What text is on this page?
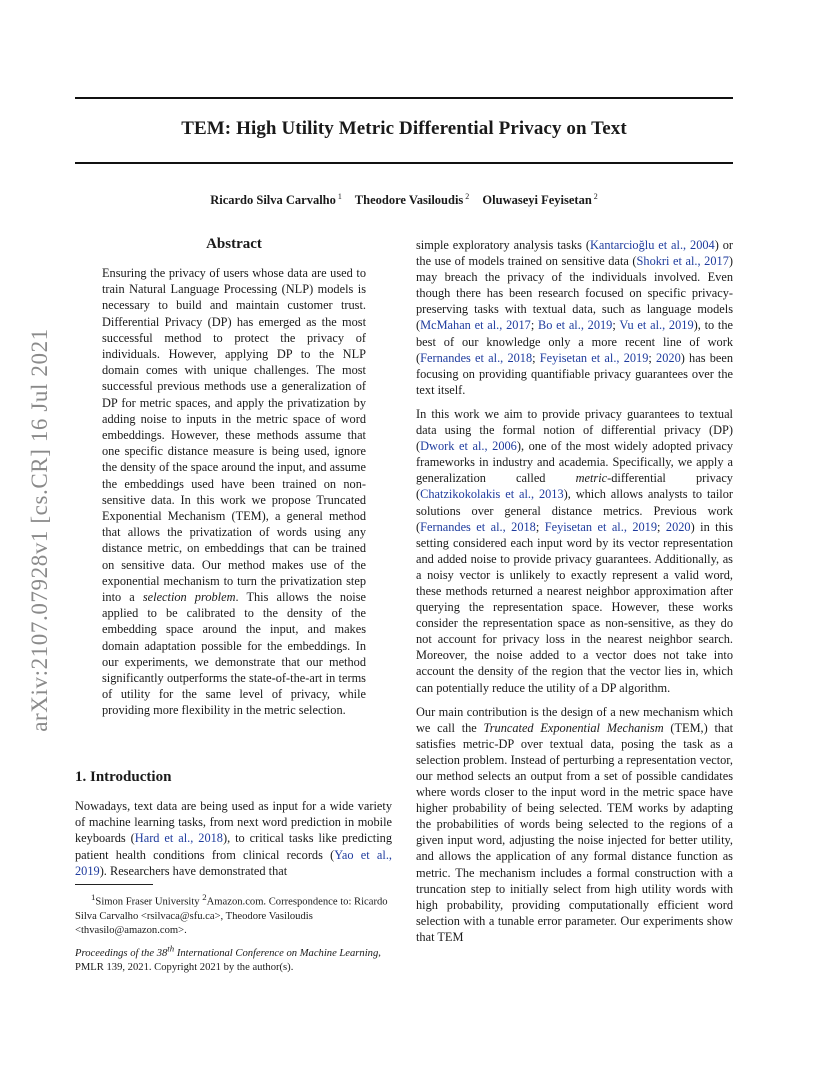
arXiv:2107.07928v1 [cs.CR] 16 Jul 2021
TEM: High Utility Metric Differential Privacy on Text
Ricardo Silva Carvalho $^1$ Theodore Vasiloudis $^2$ Oluwaseyi Feyisetan $^2$
Abstract
Ensuring the privacy of users whose data are used to train Natural Language Processing (NLP) models is necessary to build and maintain customer trust. Differential Privacy (DP) has emerged as the most successful method to protect the privacy of individuals. However, applying DP to the NLP domain comes with unique challenges. The most successful previous methods use a generalization of DP for metric spaces, and apply the privatization by adding noise to inputs in the metric space of word embeddings. However, these methods assume that one specific distance measure is being used, ignore the density of the space around the input, and assume the embeddings used have been trained on non-sensitive data. In this work we propose Truncated Exponential Mechanism (TEM), a general method that allows the privatization of words using any distance metric, on embeddings that can be trained on sensitive data. Our method makes use of the exponential mechanism to turn the privatization step into a selection problem. This allows the noise applied to be calibrated to the density of the embedding space around the input, and makes domain adaptation possible for the embeddings. In our experiments, we demonstrate that our method significantly outperforms the state-of-the-art in terms of utility for the same level of privacy, while providing more flexibility in the metric selection.
1. Introduction
Nowadays, text data are being used as input for a wide variety of machine learning tasks, from next word prediction in mobile keyboards (Hard et al., 2018), to critical tasks like predicting patient health conditions from clinical records (Yao et al., 2019). Researchers have demonstrated that
$^1$Simon Fraser University $^2$Amazon.com. Correspondence to: Ricardo Silva Carvalho <rsilvaca@sfu.ca>, Theodore Vasiloudis <thvasilo@amazon.com>.
Proceedings of the 38th International Conference on Machine Learning, PMLR 139, 2021. Copyright 2021 by the author(s).

simple exploratory analysis tasks (Kantarcioğlu et al., 2004) or the use of models trained on sensitive data (Shokri et al., 2017) may breach the privacy of the individuals involved. Even though there has been research focused on specific privacy-preserving tasks with textual data, such as language models (McMahan et al., 2017; Bo et al., 2019; Vu et al., 2019), to the best of our knowledge only a more recent line of work (Fernandes et al., 2018; Feyisetan et al., 2019; 2020) has been focusing on providing quantifiable privacy guarantees over the text itself.

In this work we aim to provide privacy guarantees to textual data using the formal notion of differential privacy (DP) (Dwork et al., 2006), one of the most widely adopted privacy frameworks in industry and academia. Specifically, we apply a generalization called metric-differential privacy (Chatzikokolakis et al., 2013), which allows analysts to tailor solutions over general distance metrics. Previous work (Fernandes et al., 2018; Feyisetan et al., 2019; 2020) in this setting considered each input word by its vector representation and added noise to provide privacy guarantees. Additionally, as a noisy vector is unlikely to exactly represent a valid word, these methods returned a nearest neighbor approximation after querying the representation space. However, these works consider the representation space as non-sensitive, as they do not account for privacy loss in the nearest neighbor search. Moreover, the noise added to a vector does not take into account the density of the region that the vector lies in, which can potentially reduce the utility of a DP algorithm.

Our main contribution is the design of a new mechanism which we call the Truncated Exponential Mechanism (TEM,) that satisfies metric-DP over textual data, posing the task as a selection problem. Instead of perturbing a representation vector, our method selects an output from a set of possible candidates where words closer to the input word in the metric space have higher probability of being selected. TEM works by adapting the probabilities of words being selected to the regions of a given input word, adjusting the noise injected for better utility, and allows the application of any formal distance function as metric. The mechanism includes a formal construction with a truncation step to initially select from high utility words with high probability, providing computationally efficient word selection with a tunable error parameter. Our experiments show that TEM
